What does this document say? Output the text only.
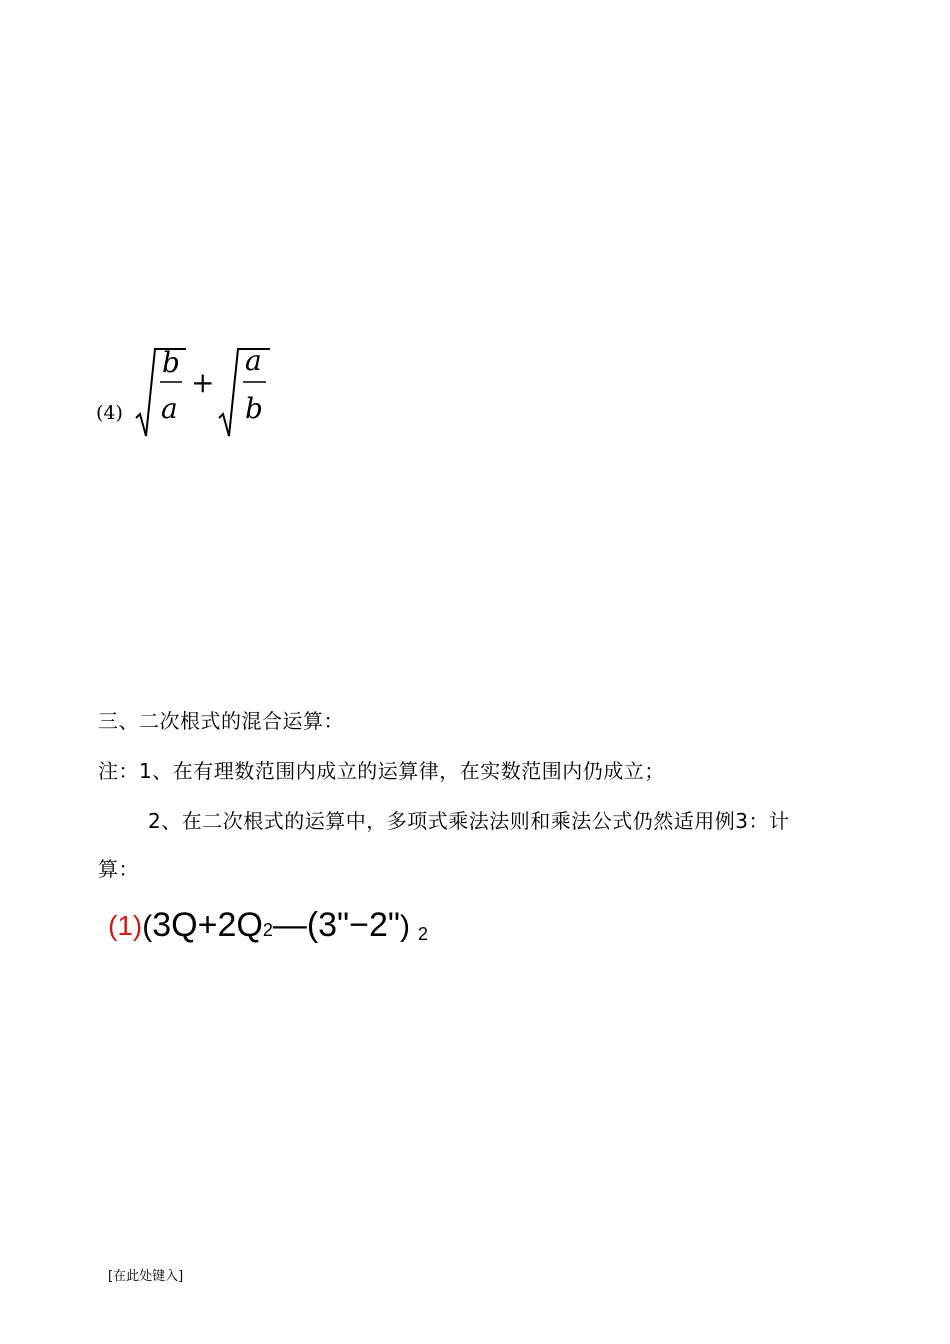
(4)
b
a
+
a
b
三、二次根式的混合运算：
注：1、在有理数范围内成立的运算律，在实数范围内仍成立；
2、在二次根式的运算中，多项式乘法法则和乘法公式仍然适用例3：计
算：
(1)(3Q+2Q2—(3"−2") 2
[在此处键入]
